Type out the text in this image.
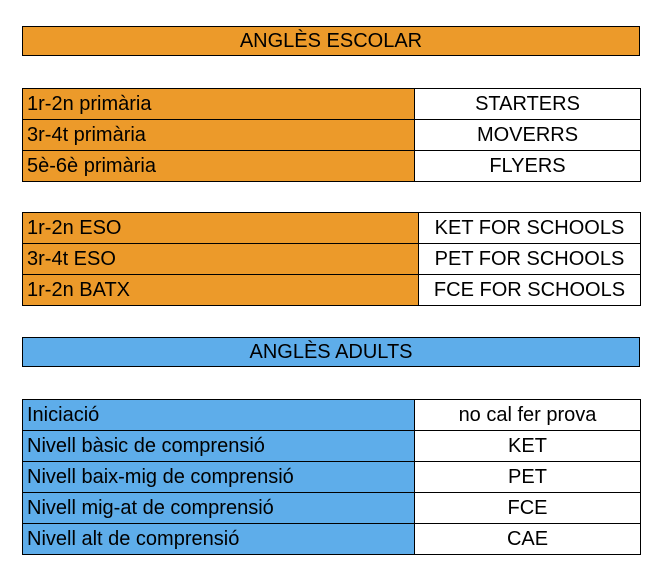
ANGLÈS ESCOLAR
1r-2n primària	STARTERS
3r-4t primària	MOVERRS
5è-6è primària	FLYERS
1r-2n ESO	KET FOR SCHOOLS
3r-4t ESO	PET FOR SCHOOLS
1r-2n BATX	FCE FOR SCHOOLS
ANGLÈS ADULTS
Iniciació	no cal fer prova
Nivell bàsic de comprensió	KET
Nivell baix-mig de comprensió	PET
Nivell mig-at de comprensió	FCE
Nivell alt de comprensió	CAE
